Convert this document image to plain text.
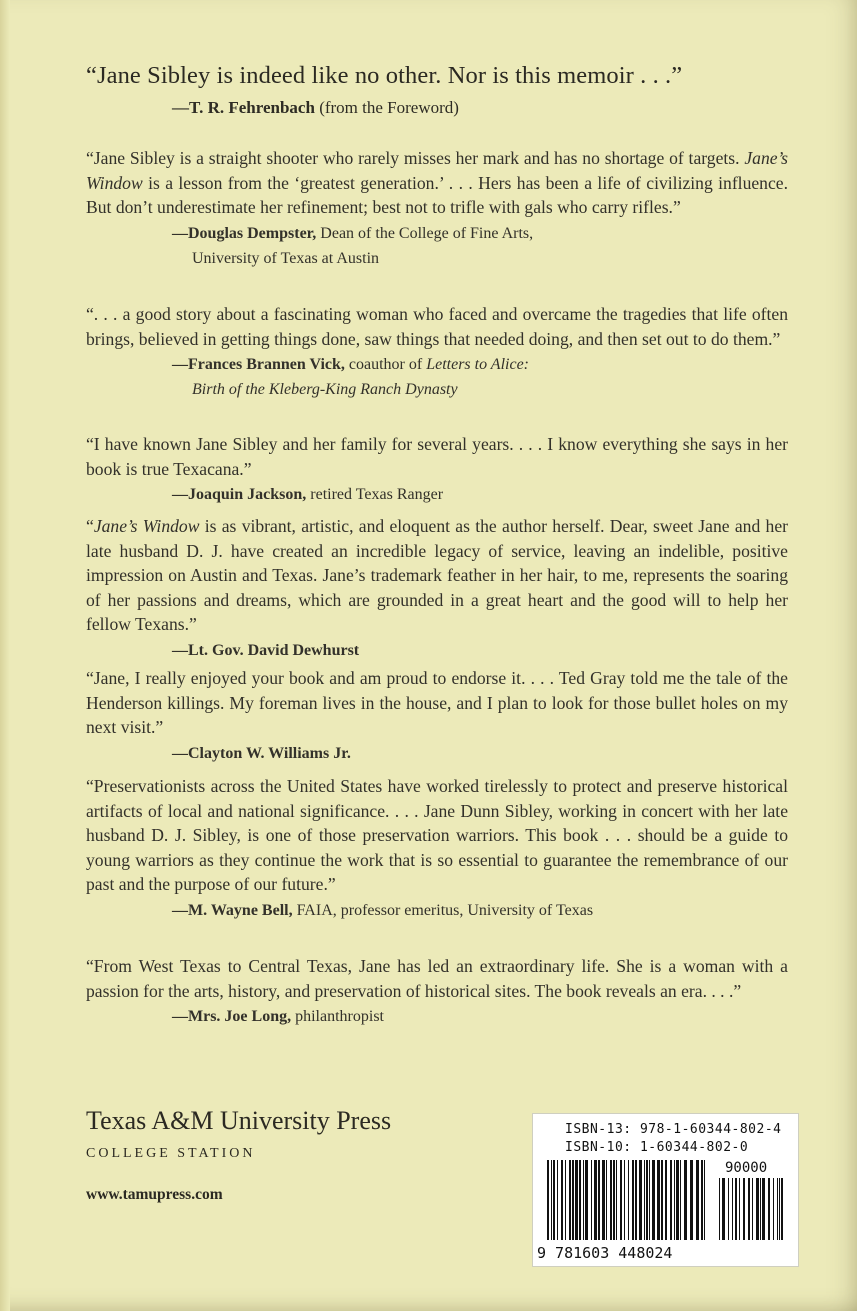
“Jane Sibley is indeed like no other. Nor is this memoir . . .”
—T. R. Fehrenbach (from the Foreword)
“Jane Sibley is a straight shooter who rarely misses her mark and has no shortage of targets. Jane’s Window is a lesson from the ‘greatest generation.’ . . . Hers has been a life of civilizing influence. But don’t underestimate her refinement; best not to trifle with gals who carry rifles.”
—Douglas Dempster, Dean of the College of Fine Arts,
University of Texas at Austin
“. . . a good story about a fascinating woman who faced and overcame the tragedies that life often brings, believed in getting things done, saw things that needed doing, and then set out to do them.”
—Frances Brannen Vick, coauthor of Letters to Alice:
Birth of the Kleberg-King Ranch Dynasty
“I have known Jane Sibley and her family for several years. . . . I know everything she says in her book is true Texacana.”
—Joaquin Jackson, retired Texas Ranger
“Jane’s Window is as vibrant, artistic, and eloquent as the author herself. Dear, sweet Jane and her late husband D. J. have created an incredible legacy of service, leaving an indelible, positive impression on Austin and Texas. Jane’s trademark feather in her hair, to me, represents the soaring of her passions and dreams, which are grounded in a great heart and the good will to help her fellow Texans.”
—Lt. Gov. David Dewhurst
“Jane, I really enjoyed your book and am proud to endorse it. . . . Ted Gray told me the tale of the Henderson killings. My foreman lives in the house, and I plan to look for those bullet holes on my next visit.”
—Clayton W. Williams Jr.
“Preservationists across the United States have worked tirelessly to protect and preserve historical artifacts of local and national significance. . . . Jane Dunn Sibley, working in concert with her late husband D. J. Sibley, is one of those preservation warriors. This book . . . should be a guide to young warriors as they continue the work that is so essential to guarantee the remembrance of our past and the purpose of our future.”
—M. Wayne Bell, FAIA, professor emeritus, University of Texas
“From West Texas to Central Texas, Jane has led an extraordinary life. She is a woman with a passion for the arts, history, and preservation of historical sites. The book reveals an era. . . .”
—Mrs. Joe Long, philanthropist
Texas A&M University Press
COLLEGE STATION
www.tamupress.com
ISBN-13: 978-1-60344-802-4
ISBN-10: 1-60344-802-0
90000
9 781603 448024
